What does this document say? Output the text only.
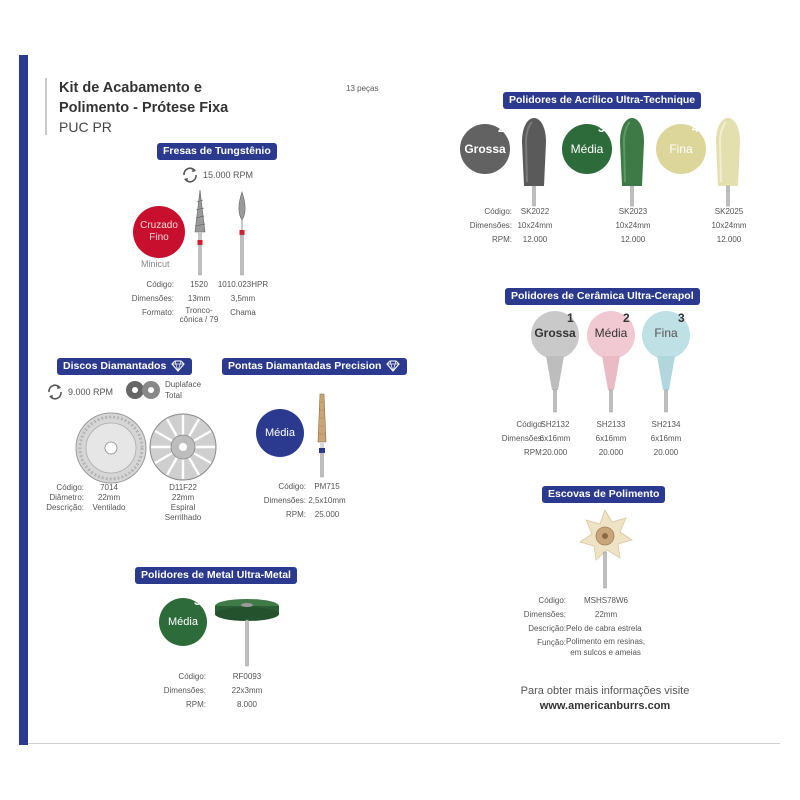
Kit de Acabamento e
Polimento - Prótese Fixa
PUC PR
13 peças
Fresas de Tungstênio
15.000 RPM
Cruzado
Fino
Minicut
Código:
Dimensões:
Formato:
1520
13mm
Tronco-
cônica / 79
1010.023HPR
3,5mm
Chama
Discos Diamantados
9.000 RPM
Duplaface
Total
Código:
Diâmetro:
Descrição:
7014
22mm
Ventilado
D11F22
22mm
Espiral
Serrilhado
Pontas Diamantadas Precision
Média
Código:
Dimensões:
RPM:
PM715
2,5x10mm
25.000
Polidores de Metal Ultra-Metal
Média
3
Código:
Dimensões:
RPM:
RF0093
22x3mm
8.000
Polidores de Acrílico Ultra-Technique
Grossa
2
Média
3
Fina
4
Código:
Dimensões:
RPM:
SK2022
10x24mm
12.000
SK2023
10x24mm
12.000
SK2025
10x24mm
12.000
Polidores de Cerâmica Ultra-Cerapol
Grossa
1
Média
2
Fina
3
Código:
Dimensões:
RPM:
SH2132
6x16mm
20.000
SH2133
6x16mm
20.000
SH2134
6x16mm
20.000
Escovas de Polimento
Código:
Dimensões:
Descrição:
Função:
MSHS78W6
22mm
Pelo de cabra estrela
Polimento em resinas,
em sulcos e ameias
Para obter mais informações visite
www.americanburrs.com
